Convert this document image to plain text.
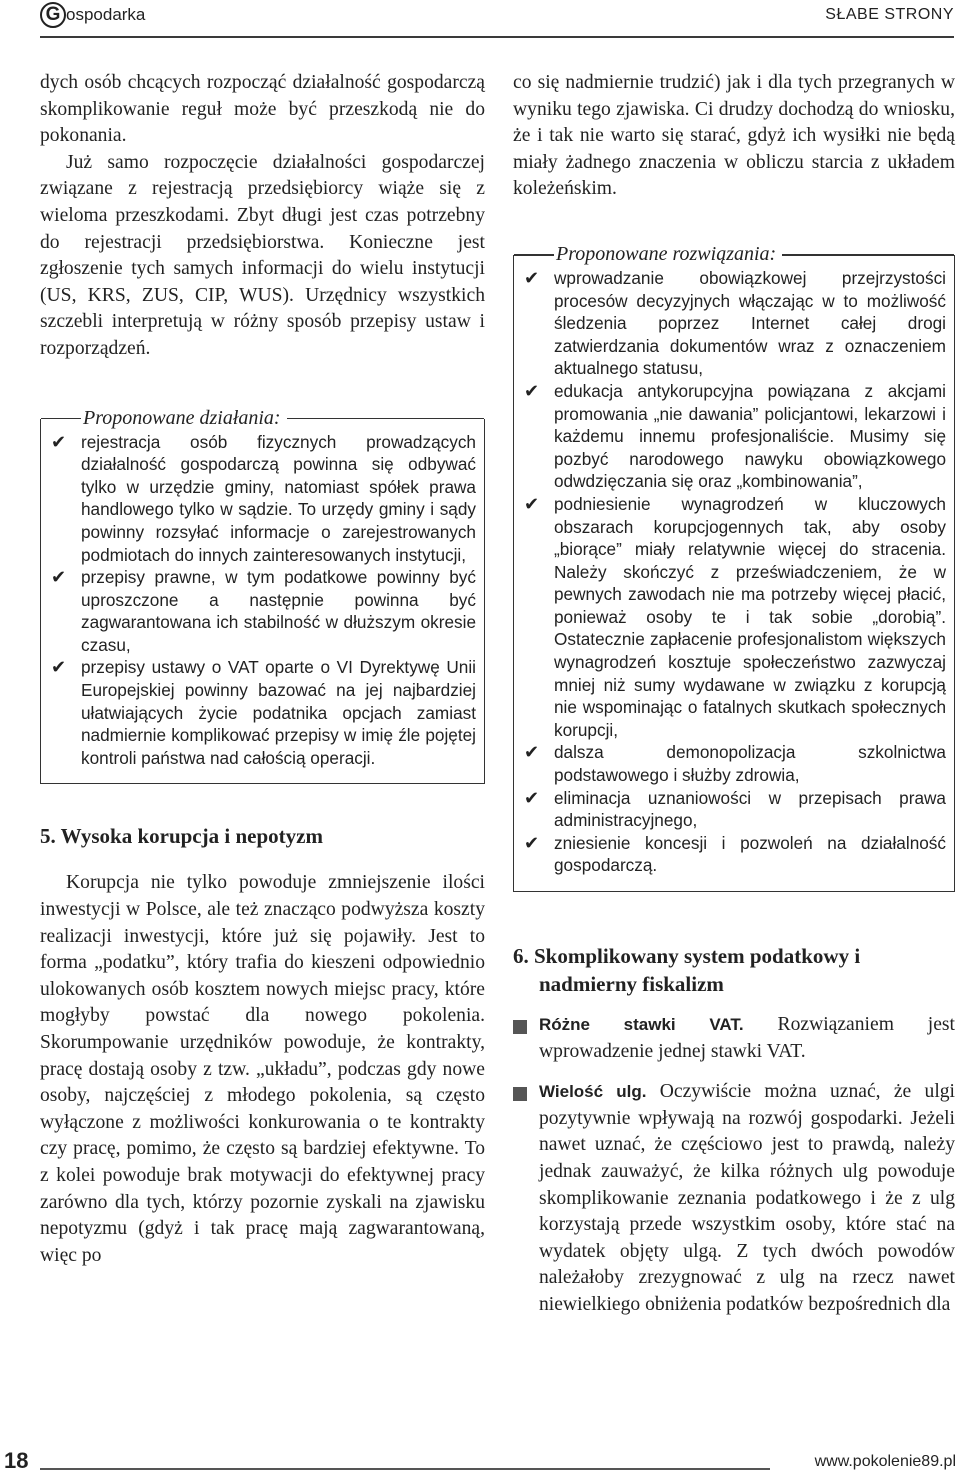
G ospodarka	SŁABE STRONY

dych osób chcących rozpocząć działalność gospodarczą skomplikowanie reguł może być przeszkodą nie do pokonania.

Już samo rozpoczęcie działalności gospodarczej związane z rejestracją przedsiębiorcy wiąże się z wieloma przeszkodami. Zbyt długi jest czas potrzebny do rejestracji przedsiębiorstwa. Konieczne jest zgłoszenie tych samych informacji do wielu instytucji (US, KRS, ZUS, CIP, WUS). Urzędnicy wszystkich szczebli interpretują w różny sposób przepisy ustaw i rozporządzeń.

Proponowane działania:
✔ rejestracja osób fizycznych prowadzących działalność gospodarczą powinna się odbywać tylko w urzędzie gminy, natomiast spółek prawa handlowego tylko w sądzie. To urzędy gminy i sądy powinny rozsyłać informacje o zarejestrowanych podmiotach do innych zainteresowanych instytucji,
✔ przepisy prawne, w tym podatkowe powinny być uproszczone a następnie powinna być zagwarantowana ich stabilność w dłuższym okresie czasu,
✔ przepisy ustawy o VAT oparte o VI Dyrektywę Unii Europejskiej powinny bazować na jej najbardziej ułatwiających życie podatnika opcjach zamiast nadmiernie komplikować przepisy w imię źle pojętej kontroli państwa nad całością operacji.
5. Wysoka korupcja i nepotyzm

Korupcja nie tylko powoduje zmniejszenie ilości inwestycji w Polsce, ale też znacząco podwyższa koszty realizacji inwestycji, które już się pojawiły. Jest to forma „podatku”, który trafia do kieszeni odpowiednio ulokowanych osób kosztem nowych miejsc pracy, które mogłyby powstać dla nowego pokolenia. Skorumpowanie urzędników powoduje, że kontrakty, pracę dostają osoby z tzw. „układu”, podczas gdy nowe osoby, najczęściej z młodego pokolenia, są często wyłączone z możliwości konkurowania o te kontrakty czy pracę, pomimo, że często są bardziej efektywne. To z kolei powoduje brak motywacji do efektywnej pracy zarówno dla tych, którzy pozornie zyskali na zjawisku nepotyzmu (gdyż i tak pracę mają zagwarantowaną, więc po

co się nadmiernie trudzić) jak i dla tych przegranych w wyniku tego zjawiska. Ci drudzy dochodzą do wniosku, że i tak nie warto się starać, gdyż ich wysiłki nie będą miały żadnego znaczenia w obliczu starcia z układem koleżeńskim.

Proponowane rozwiązania:
✔ wprowadzanie obowiązkowej przejrzystości procesów decyzyjnych włączając w to możliwość śledzenia poprzez Internet całej drogi zatwierdzania dokumentów wraz z oznaczeniem aktualnego statusu,
✔ edukacja antykorupcyjna powiązana z akcjami promowania „nie dawania” policjantowi, lekarzowi i każdemu innemu profesjonaliście. Musimy się pozbyć narodowego nawyku obowiązkowego odwdzięczania się oraz „kombinowania”,
✔ podniesienie wynagrodzeń w kluczowych obszarach korupcjogennych tak, aby osoby „biorące” miały relatywnie więcej do stracenia. Należy skończyć z przeświadczeniem, że w pewnych zawodach nie ma potrzeby więcej płacić, ponieważ osoby te i tak sobie „dorobią”. Ostatecznie zapłacenie profesjonalistom większych wynagrodzeń kosztuje społeczeństwo zazwyczaj mniej niż sumy wydawane w związku z korupcją nie wspominając o fatalnych skutkach społecznych korupcji,
✔ dalsza demonopolizacja szkolnictwa podstawowego i służby zdrowia,
✔ eliminacja uznaniowości w przepisach prawa administracyjnego,
✔ zniesienie koncesji i pozwoleń na działalność gospodarczą.
6. Skomplikowany system podatkowy i nadmierny fiskalizm

Różne stawki VAT. Rozwiązaniem jest wprowadzenie jednej stawki VAT.

Wielość ulg. Oczywiście można uznać, że ulgi pozytywnie wpływają na rozwój gospodarki. Jeżeli nawet uznać, że częściowo jest to prawdą, należy jednak zauważyć, że kilka różnych ulg powoduje skomplikowanie zeznania podatkowego i że z ulg korzystają przede wszystkim osoby, które stać na wydatek objęty ulgą. Z tych dwóch powodów należałoby zrezygnować z ulg na rzecz nawet niewielkiego obniżenia podatków bezpośrednich dla

18	www.pokolenie89.pl
